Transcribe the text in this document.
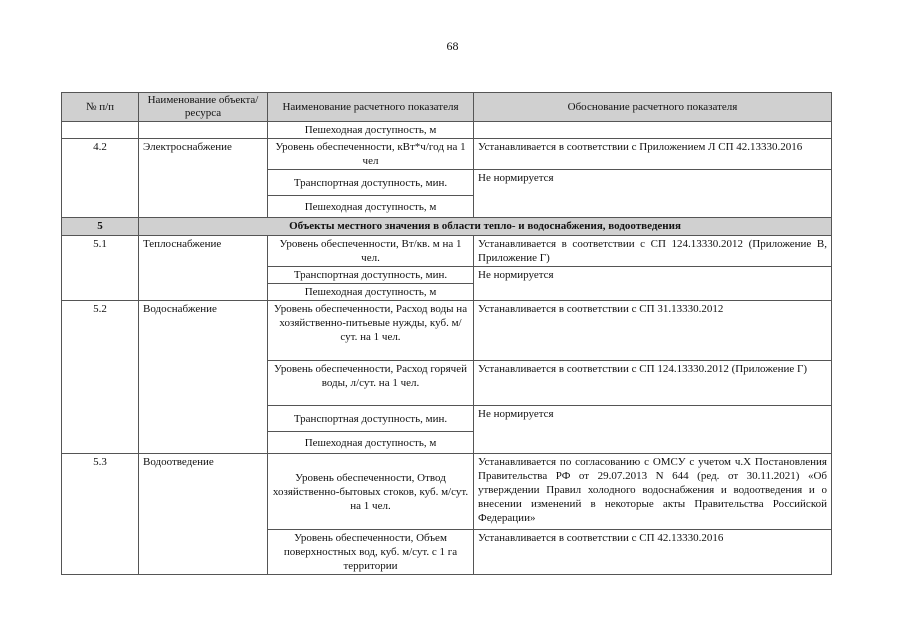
68
№ п/п	Наименование объекта/ресурса	Наименование расчетного показателя	Обоснование расчетного показателя
		Пешеходная доступность, м	
4.2	Электроснабжение	Уровень обеспеченности, кВт*ч/год на 1 чел	Устанавливается в соответствии с Приложением Л СП 42.13330.2016
		Транспортная доступность, мин.	Не нормируется
		Пешеходная доступность, м	
5	Объекты местного значения в области тепло- и водоснабжения, водоотведения		
5.1	Теплоснабжение	Уровень обеспеченности, Вт/кв. м на 1 чел.	Устанавливается в соответствии с СП 124.13330.2012 (Приложение В, Приложение Г)
		Транспортная доступность, мин.	Не нормируется
		Пешеходная доступность, м	
5.2	Водоснабжение	Уровень обеспеченности, Расход воды на хозяйственно-питьевые нужды, куб. м/сут. на 1 чел.	Устанавливается в соответствии с СП 31.13330.2012
		Уровень обеспеченности, Расход горячей воды, л/сут. на 1 чел.	Устанавливается в соответствии с СП 124.13330.2012 (Приложение Г)
		Транспортная доступность, мин.	Не нормируется
		Пешеходная доступность, м	
5.3	Водоотведение	Уровень обеспеченности, Отвод хозяйственно-бытовых стоков, куб. м/сут. на 1 чел.	Устанавливается по согласованию с ОМСУ с учетом ч.Х Постановления Правительства РФ от 29.07.2013 N 644 (ред. от 30.11.2021) «Об утверждении Правил холодного водоснабжения и водоотведения и о внесении изменений в некоторые акты Правительства Российской Федерации»
		Уровень обеспеченности, Объем поверхностных вод, куб. м/сут. с 1 га территории	Устанавливается в соответствии с СП 42.13330.2016
